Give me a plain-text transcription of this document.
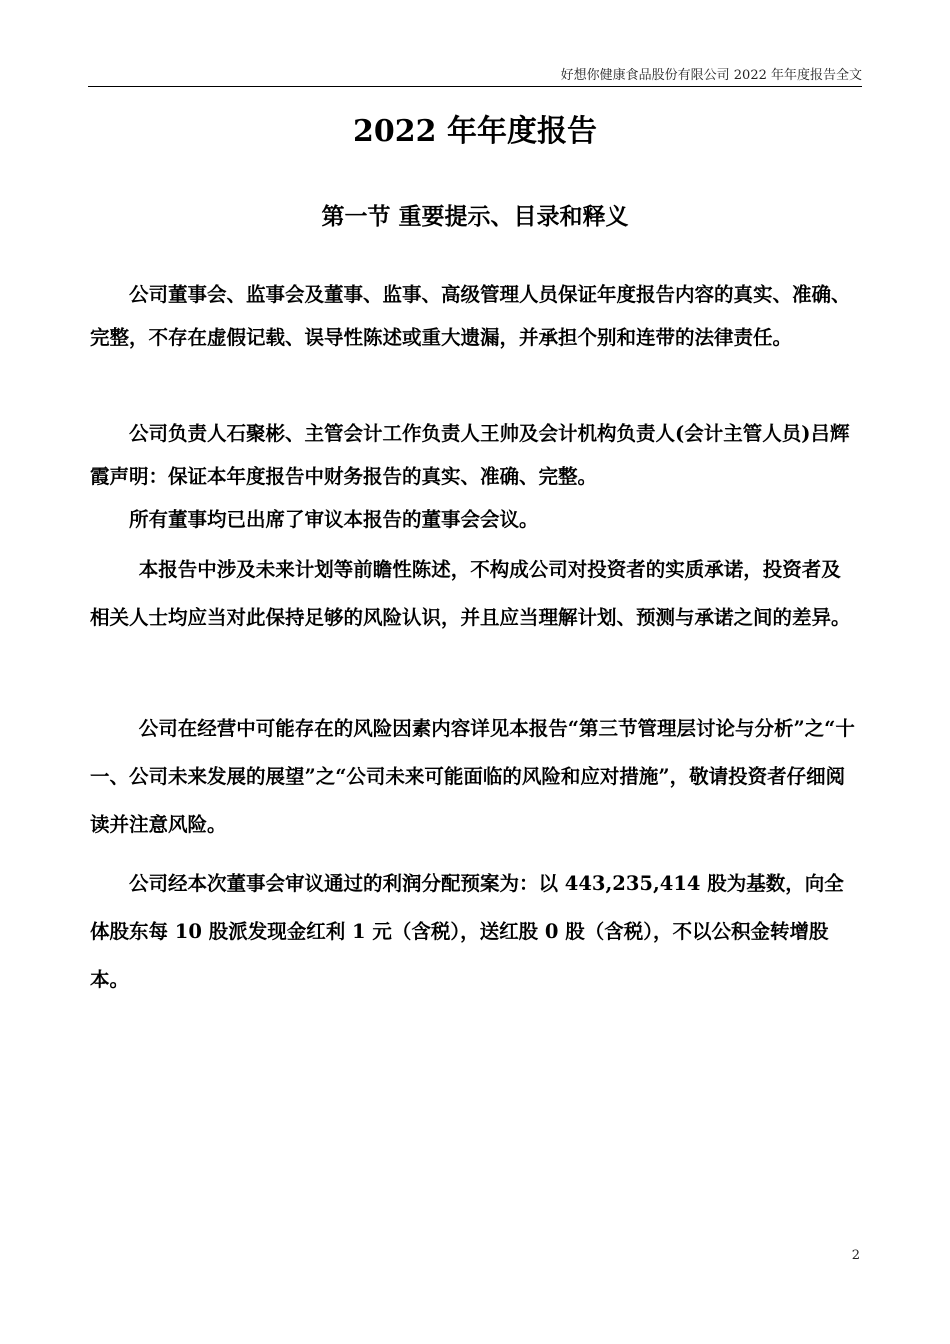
好想你健康食品股份有限公司 2022 年年度报告全文
2022 年年度报告
第一节 重要提示、目录和释义

公司董事会、监事会及董事、监事、高级管理人员保证年度报告内容的真实、准确、完整，不存在虚假记载、误导性陈述或重大遗漏，并承担个别和连带的法律责任。

公司负责人石聚彬、主管会计工作负责人王帅及会计机构负责人(会计主管人员)吕辉霞声明：保证本年度报告中财务报告的真实、准确、完整。

所有董事均已出席了审议本报告的董事会会议。

本报告中涉及未来计划等前瞻性陈述，不构成公司对投资者的实质承诺，投资者及相关人士均应当对此保持足够的风险认识，并且应当理解计划、预测与承诺之间的差异。

公司在经营中可能存在的风险因素内容详见本报告“第三节管理层讨论与分析”之“十一、公司未来发展的展望”之“公司未来可能面临的风险和应对措施”，敬请投资者仔细阅读并注意风险。

公司经本次董事会审议通过的利润分配预案为：以 443,235,414 股为基数，向全体股东每 10 股派发现金红利 1 元（含税），送红股 0 股（含税），不以公积金转增股本。

2
